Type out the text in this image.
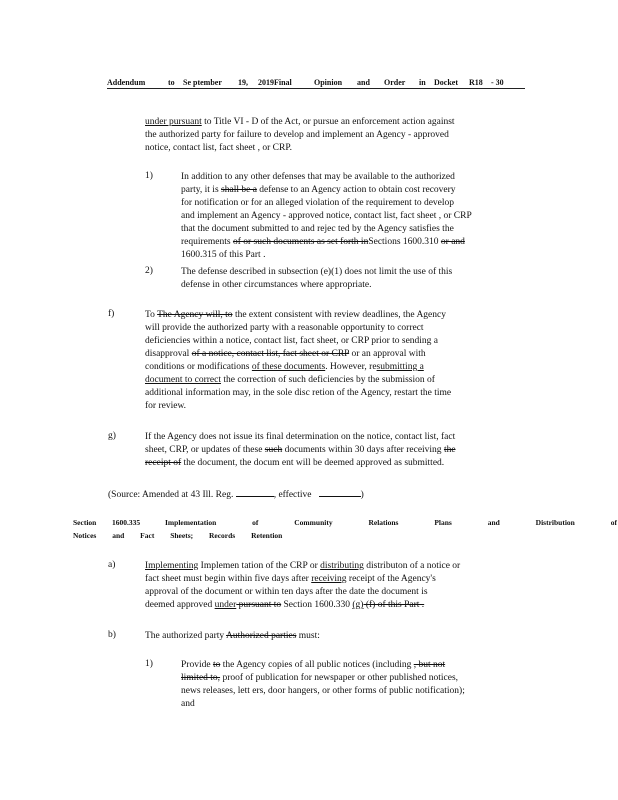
Addendum	to Se ptember 19, 2019Final	Opinion and Order in Docket R18 - 30
under pursuant to Title VI - D of the Act, or pursue an enforcement action against
the authorized party for failure to develop and implement an Agency - approved
notice, contact list, fact sheet , or CRP.
1)	In addition to any other defenses that may be available to the authorized
party, it is shall be a defense to an Agency action to obtain cost recovery
for notification or for an alleged violation of the requirement to develop
and implement an Agency - approved notice, contact list, fact sheet , or CRP
that the document submitted to and rejec ted by the Agency satisfies the
requirements of or such documents as set forth inSections 1600.310 or and
1600.315 of this Part .
2)	The defense described in subsection (e)(1) does not limit the use of this
defense in other circumstances where appropriate.
f)	To The Agency will, to the extent consistent with review deadlines, the Agency
will provide the authorized party with a reasonable opportunity to correct
deficiencies within a notice, contact list, fact sheet, or CRP prior to sending a
disapproval of a notice, contact list, fact sheet or CRP or an approval with
conditions or modifications of these documents. However, resubmitting a
document to correct the correction of such deficiencies by the submission of
additional information may, in the sole disc retion of the Agency, restart the time
for review.
g)	If the Agency does not issue its final determination on the notice, contact list, fact
sheet, CRP, or updates of these such documents within 30 days after receiving the
receipt of the document, the docum ent will be deemed approved as submitted.
(Source: Amended at 43 Ill. Reg.	, effective	)
Section 1600.335	Implementation of Community Relations Plans and Distribution of
Notices and Fact Sheets; Records Retention
a)	Implementing Implemen tation of the CRP or distributing distributon of a notice or
fact sheet must begin within five days after receiving receipt of the Agency's
approval of the document or within ten days after the date the document is
deemed approved under pursuant to Section 1600.330 (g) (f) of this Part .
b)	The authorized party Authorized parties must:
1)	Provide to the Agency copies of all public notices (including , but not
limited to, proof of publication for newspaper or other published notices,
news releases, lett ers, door hangers, or other forms of public notification);
and
